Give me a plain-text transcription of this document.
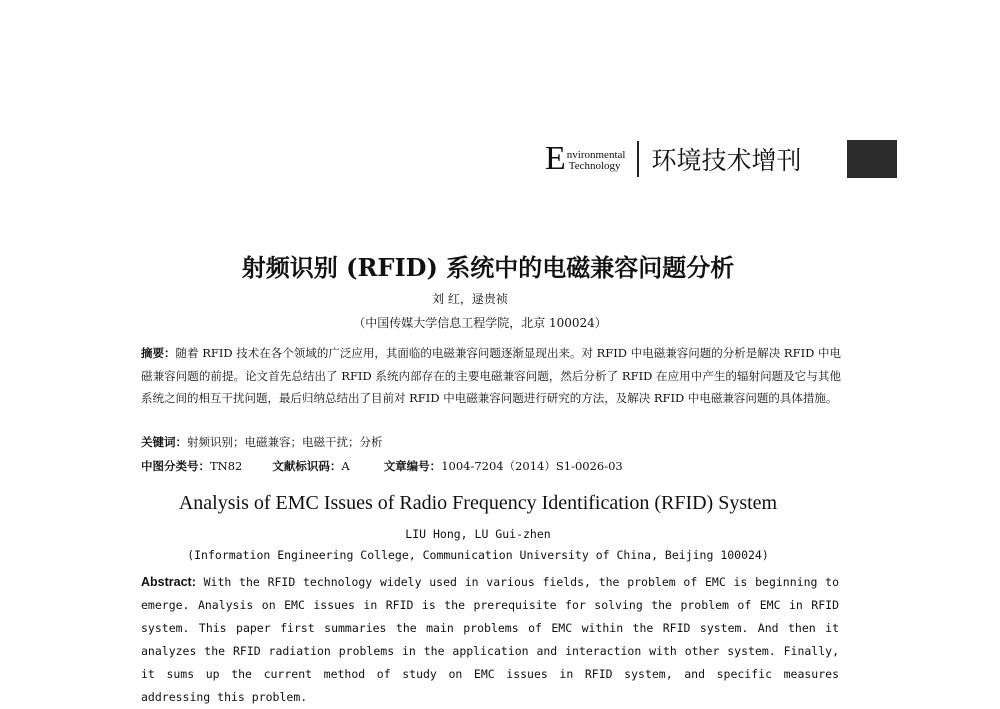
E nvironmental
Technology 环境技术增刊
射频识别 (RFID) 系统中的电磁兼容问题分析
刘 红，逯贵祯
（中国传媒大学信息工程学院，北京 100024）
摘要：随着 RFID 技术在各个领域的广泛应用，其面临的电磁兼容问题逐渐显现出来。对 RFID 中电磁兼容问题的分析是解决 RFID 中电磁兼容问题的前提。论文首先总结出了 RFID 系统内部存在的主要电磁兼容问题，然后分析了 RFID 在应用中产生的辐射问题及它与其他系统之间的相互干扰问题，最后归纳总结出了目前对 RFID 中电磁兼容问题进行研究的方法，及解决 RFID 中电磁兼容问题的具体措施。
关键词：射频识别；电磁兼容；电磁干扰；分析
中图分类号：TN82	文献标识码：A	文章编号：1004-7204（2014）S1-0026-03
Analysis of EMC Issues of Radio Frequency Identification (RFID) System
LIU Hong, LU Gui-zhen
(Information Engineering College, Communication University of China, Beijing 100024)
Abstract: With the RFID technology widely used in various fields, the problem of EMC is beginning to emerge. Analysis on EMC issues in RFID is the prerequisite for solving the problem of EMC in RFID system. This paper first summaries the main problems of EMC within the RFID system. And then it analyzes the RFID radiation problems in the application and interaction with other system. Finally, it sums up the current method of study on EMC issues in RFID system, and specific measures addressing this problem.
